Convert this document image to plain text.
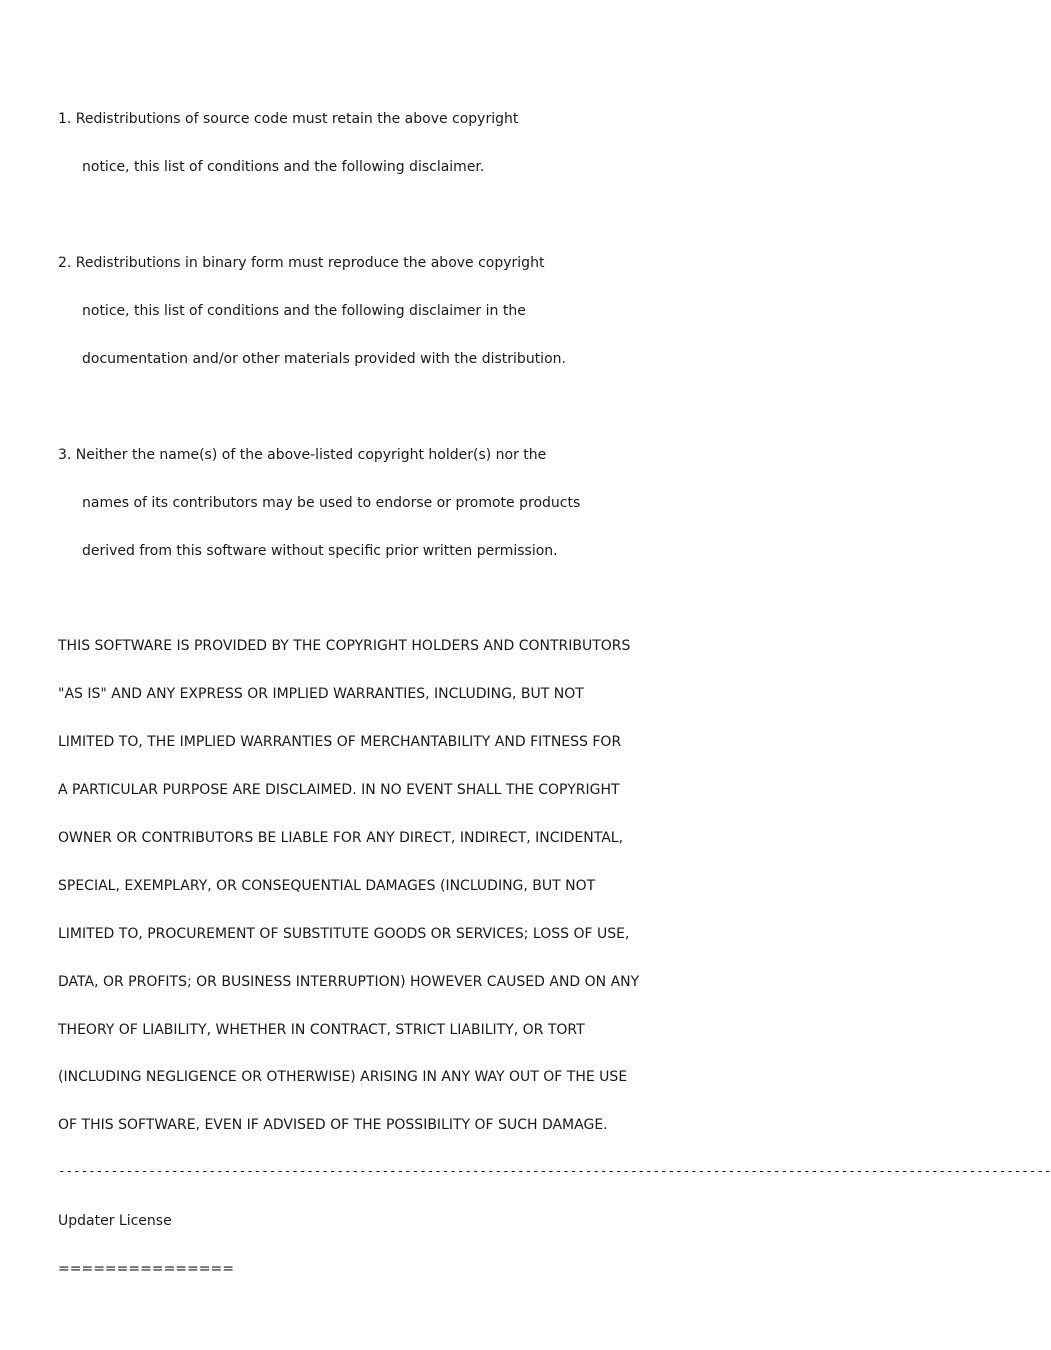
1. Redistributions of source code must retain the above copyright

notice, this list of conditions and the following disclaimer.

2. Redistributions in binary form must reproduce the above copyright

notice, this list of conditions and the following disclaimer in the

documentation and/or other materials provided with the distribution.

3. Neither the name(s) of the above-listed copyright holder(s) nor the

names of its contributors may be used to endorse or promote products

derived from this software without specific prior written permission.

THIS SOFTWARE IS PROVIDED BY THE COPYRIGHT HOLDERS AND CONTRIBUTORS

"AS IS" AND ANY EXPRESS OR IMPLIED WARRANTIES, INCLUDING, BUT NOT

LIMITED TO, THE IMPLIED WARRANTIES OF MERCHANTABILITY AND FITNESS FOR

A PARTICULAR PURPOSE ARE DISCLAIMED. IN NO EVENT SHALL THE COPYRIGHT

OWNER OR CONTRIBUTORS BE LIABLE FOR ANY DIRECT, INDIRECT, INCIDENTAL,

SPECIAL, EXEMPLARY, OR CONSEQUENTIAL DAMAGES (INCLUDING, BUT NOT

LIMITED TO, PROCUREMENT OF SUBSTITUTE GOODS OR SERVICES; LOSS OF USE,

DATA, OR PROFITS; OR BUSINESS INTERRUPTION) HOWEVER CAUSED AND ON ANY

THEORY OF LIABILITY, WHETHER IN CONTRACT, STRICT LIABILITY, OR TORT

(INCLUDING NEGLIGENCE OR OTHERWISE) ARISING IN ANY WAY OUT OF THE USE

OF THIS SOFTWARE, EVEN IF ADVISED OF THE POSSIBILITY OF SUCH DAMAGE.

------------------------------------------------------------------------------------------------------------------------------------

Updater License

===============
